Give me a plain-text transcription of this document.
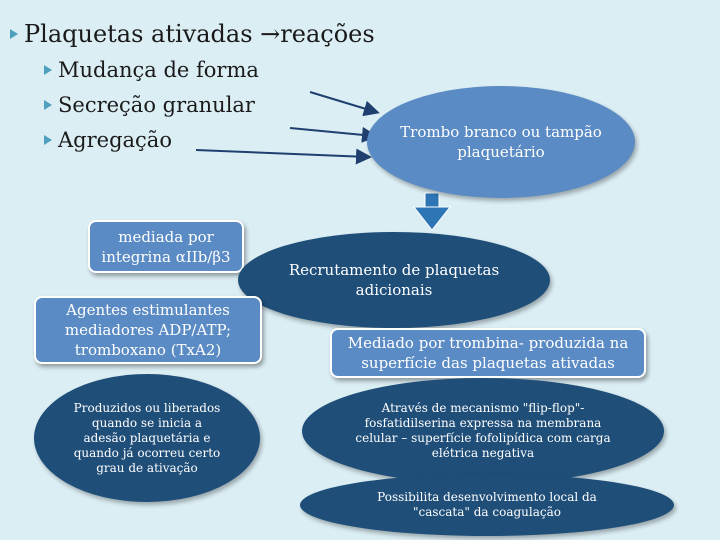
Plaquetas ativadas →reações
Mudança de forma
Secreção granular
Agregação	Trombo branco ou tampão plaquetário
mediada por integrina αIIb/β3
Recrutamento de plaquetas adicionais
Agentes estimulantes mediadores ADP/ATP; tromboxano (TxA2)	Mediado por trombina- produzida na superfície das plaquetas ativadas
Produzidos ou liberados quando se inicia a adesão plaquetária e quando já ocorreu certo grau de ativação
Através de mecanismo "flip-flop"- fosfatidilserina expressa na membrana celular – superfície fofolipídica com carga elétrica negativa
Possibilita desenvolvimento local da "cascata" da coagulação
